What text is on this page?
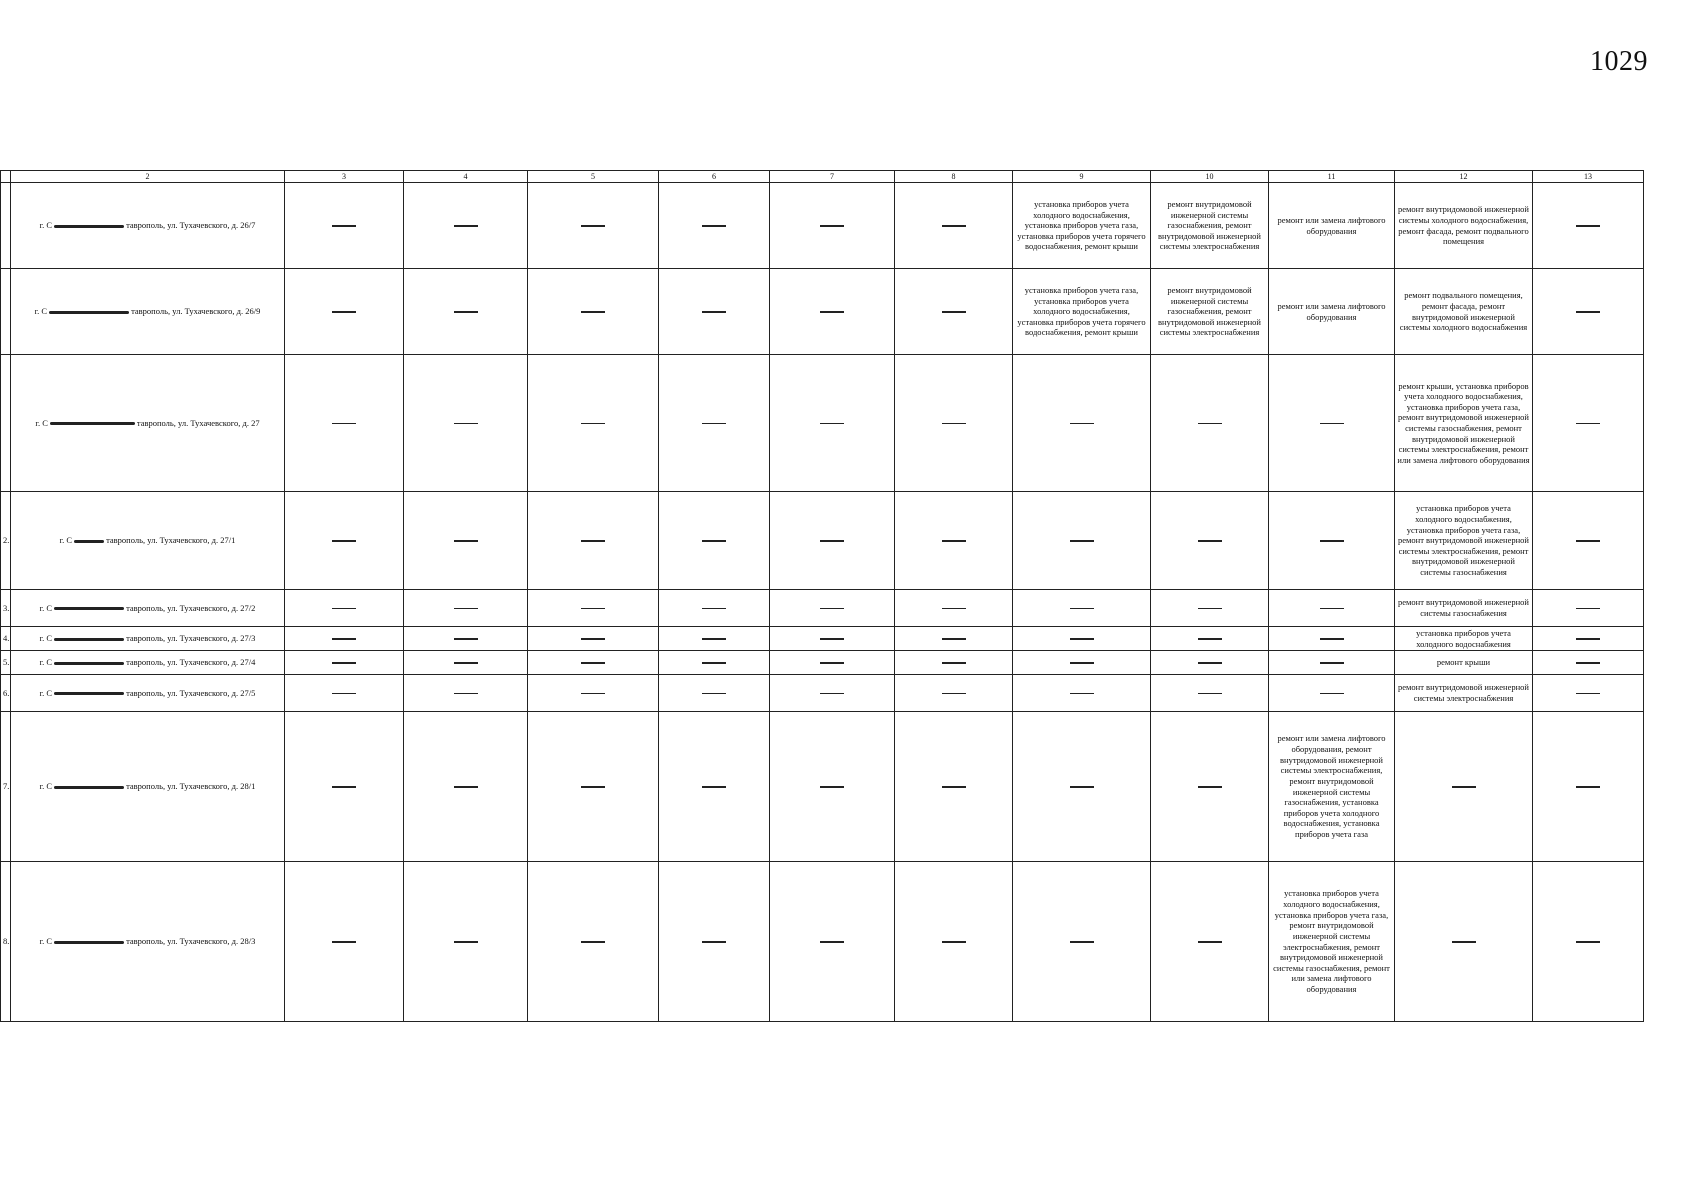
1029
	2	3	4	5	6	7	8	9	10	11	12	13
	г. С таврополь, ул. Тухачевского, д. 26/7							установка приборов учета холодного водоснабжения, установка приборов учета газа, установка приборов учета горячего водоснабжения, ремонт крыши	ремонт внутридомовой инженерной системы газоснабжения, ремонт внутридомовой инженерной системы электроснабжения	ремонт или замена лифтового оборудования	ремонт внутридомовой инженерной системы холодного водоснабжения, ремонт фасада, ремонт подвального помещения	
	г. С таврополь, ул. Тухачевского, д. 26/9							установка приборов учета газа, установка приборов учета холодного водоснабжения, установка приборов учета горячего водоснабжения, ремонт крыши	ремонт внутридомовой инженерной системы газоснабжения, ремонт внутридомовой инженерной системы электроснабжения	ремонт или замена лифтового оборудования	ремонт подвального помещения, ремонт фасада, ремонт внутридомовой инженерной системы холодного водоснабжения	
	г. С таврополь, ул. Тухачевского, д. 27										ремонт крыши, установка приборов учета холодного водоснабжения, установка приборов учета газа, ремонт внутридомовой инженерной системы газоснабжения, ремонт внутридомовой инженерной системы электроснабжения, ремонт или замена лифтового оборудования	
2.	г. С таврополь, ул. Тухачевского, д. 27/1										установка приборов учета холодного водоснабжения, установка приборов учета газа, ремонт внутридомовой инженерной системы электроснабжения, ремонт внутридомовой инженерной системы газоснабжения	
3.	г. С таврополь, ул. Тухачевского, д. 27/2										ремонт внутридомовой инженерной системы газоснабжения	
4.	г. С таврополь, ул. Тухачевского, д. 27/3										установка приборов учета холодного водоснабжения	
5.	г. С таврополь, ул. Тухачевского, д. 27/4										ремонт крыши	
6.	г. С таврополь, ул. Тухачевского, д. 27/5										ремонт внутридомовой инженерной системы электроснабжения	
7.	г. С таврополь, ул. Тухачевского, д. 28/1									ремонт или замена лифтового оборудования, ремонт внутридомовой инженерной системы электроснабжения, ремонт внутридомовой инженерной системы газоснабжения, установка приборов учета холодного водоснабжения, установка приборов учета газа		
8.	г. С таврополь, ул. Тухачевского, д. 28/3									установка приборов учета холодного водоснабжения, установка приборов учета газа, ремонт внутридомовой инженерной системы электроснабжения, ремонт внутридомовой инженерной системы газоснабжения, ремонт или замена лифтового оборудования		
